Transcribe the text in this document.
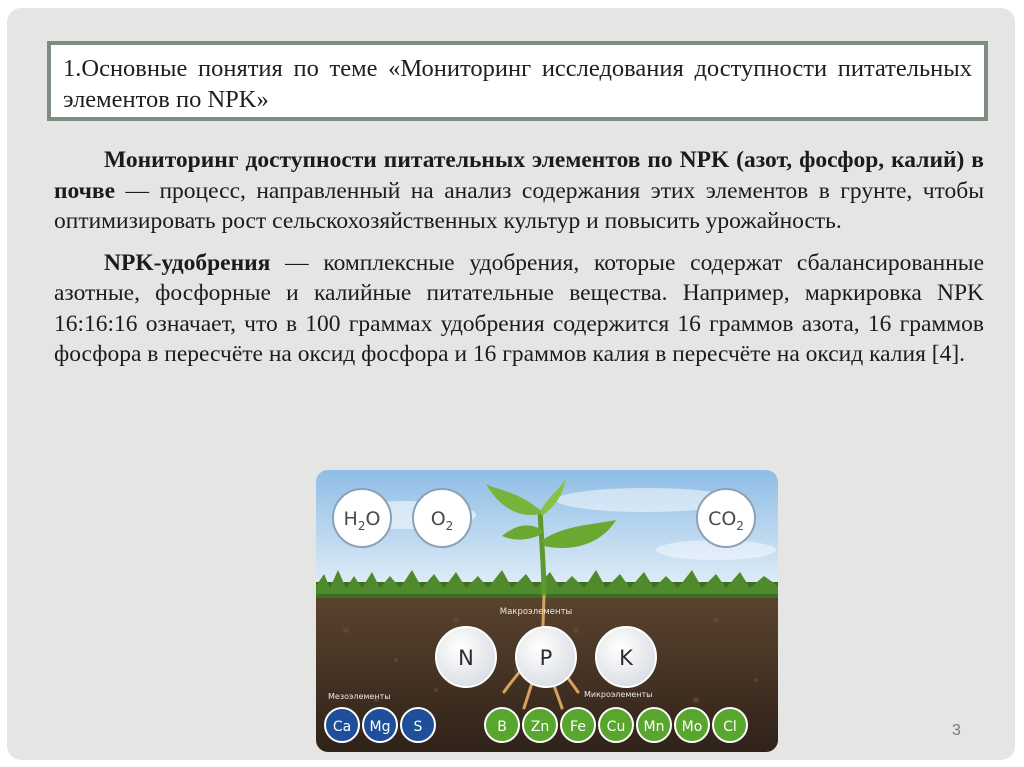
1.Основные понятия по теме «Мониторинг исследования доступности питательных элементов по NPK»

Мониторинг доступности питательных элементов по NPK (азот, фосфор, калий) в почве — процесс, направленный на анализ содержания этих элементов в грунте, чтобы оптимизировать рост сельскохозяйственных культур и повысить урожайность.

NPK-удобрения — комплексные удобрения, которые содержат сбалансированные азотные, фосфорные и калийные питательные вещества. Например, маркировка NPK 16:16:16 означает, что в 100 граммах удобрения содержится 16 граммов азота, 16 граммов фосфора в пересчёте на оксид фосфора и 16 граммов калия в пересчёте на оксид калия [4].

$H_2O$	$O_2$	$CO_2$
Макроэлементы
N	P	K
Мезоэлементы	Микроэлементы
Ca Mg S	B Zn Fe Cu Mn Mo Cl	3
